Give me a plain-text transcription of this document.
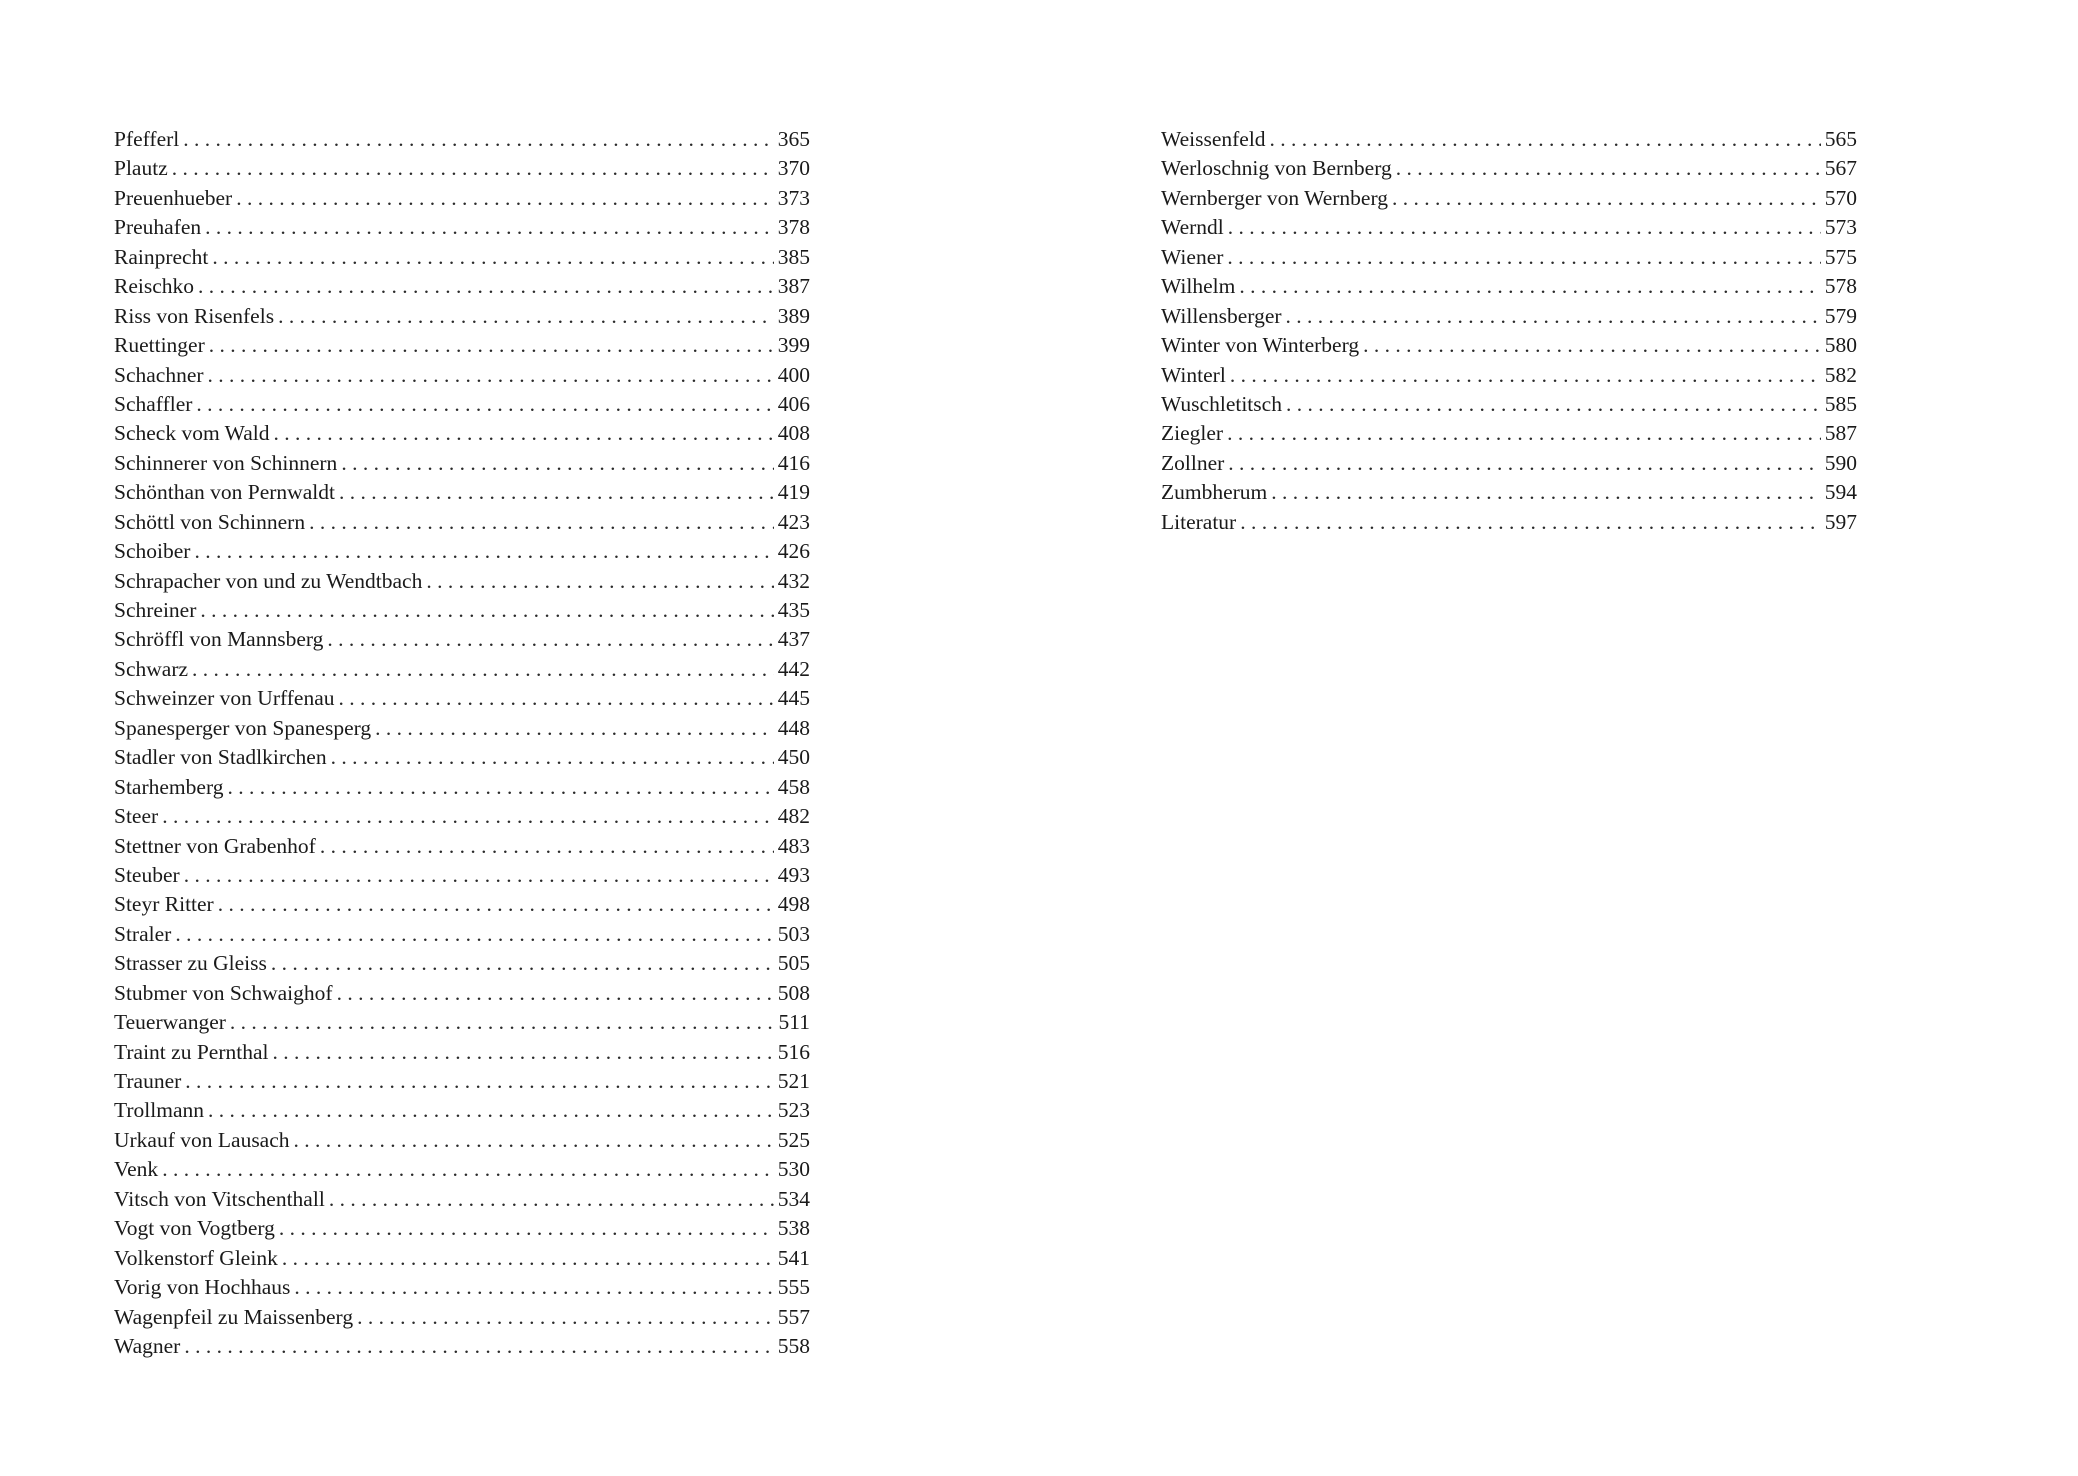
Pfefferl . . .	365
Plautz . . .	370
Preuenhueber . . .	373
Preuhafen . . .	378
Rainprecht . . .	385
Reischko . . .	387
Riss von Risenfels . . .	389
Ruettinger . . .	399
Schachner . . .	400
Schaffler . . .	406
Scheck vom Wald . . .	408
Schinnerer von Schinnern . . .	416
Schönthan von Pernwaldt . . .	419
Schöttl von Schinnern . . .	423
Schoiber . . .	426
Schrapacher von und zu Wendtbach . . .	432
Schreiner . . .	435
Schröffl von Mannsberg . . .	437
Schwarz . . .	442
Schweinzer von Urffenau . . .	445
Spanesperger von Spanesperg . . .	448
Stadler von Stadlkirchen . . .	450
Starhemberg . . .	458
Steer . . .	482
Stettner von Grabenhof . . .	483
Steuber . . .	493
Steyr Ritter . . .	498
Straler . . .	503
Strasser zu Gleiss . . .	505
Stubmer von Schwaighof . . .	508
Teuerwanger . . .	511
Traint zu Pernthal . . .	516
Trauner . . .	521
Trollmann . . .	523
Urkauf von Lausach . . .	525
Venk . . .	530
Vitsch von Vitschenthall . . .	534
Vogt von Vogtberg . . .	538
Volkenstorf Gleink . . .	541
Vorig von Hochhaus . . .	555
Wagenpfeil zu Maissenberg . . .	557
Wagner . . .	558
Weissenfeld . . .	565
Werloschnig von Bernberg . . .	567
Wernberger von Wernberg . . .	570
Werndl . . .	573
Wiener . . .	575
Wilhelm . . .	578
Willensberger . . .	579
Winter von Winterberg . . .	580
Winterl . . .	582
Wuschletitsch . . .	585
Ziegler . . .	587
Zollner . . .	590
Zumbherum . . .	594
Literatur . . .	597
